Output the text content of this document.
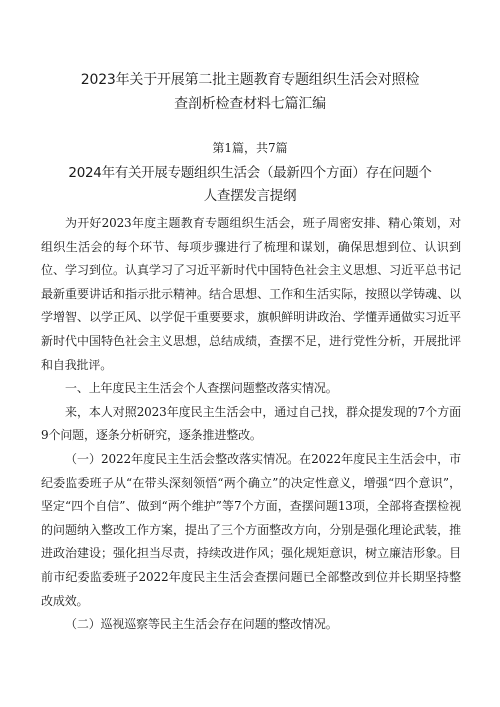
2023年关于开展第二批主题教育专题组织生活会对照检
查剖析检查材料七篇汇编
第1篇，共7篇
2024年有关开展专题组织生活会（最新四个方面）存在问题个
人查摆发言提纲

为开好2023年度主题教育专题组织生活会，班子周密安排、精心策划，对组织生活会的每个环节、每项步骤进行了梳理和谋划，确保思想到位、认识到位、学习到位。认真学习了习近平新时代中国特色社会主义思想、习近平总书记最新重要讲话和指示批示精神。结合思想、工作和生活实际，按照以学铸魂、以学增智、以学正风、以学促干重要要求，旗帜鲜明讲政治、学懂弄通做实习近平新时代中国特色社会主义思想，总结成绩，查摆不足，进行党性分析，开展批评和自我批评。

一、上年度民主生活会个人查摆问题整改落实情况。

来，本人对照2023年度民主生活会中，通过自己找，群众提发现的7个方面9个问题，逐条分析研究，逐条推进整改。

（一）2022年度民主生活会整改落实情况。在2022年度民主生活会中，市纪委监委班子从“在带头深刻领悟“两个确立”的决定性意义，增强“四个意识”，坚定“四个自信”、做到“两个维护”等7个方面，查摆问题13项，全部将查摆检视的问题纳入整改工作方案，提出了三个方面整改方向，分别是强化理论武装，推进政治建设；强化担当尽责，持续改进作风；强化规矩意识，树立廉洁形象。目前市纪委监委班子2022年度民主生活会查摆问题已全部整改到位并长期坚持整改成效。

（二）巡视巡察等民主生活会存在问题的整改情况。
